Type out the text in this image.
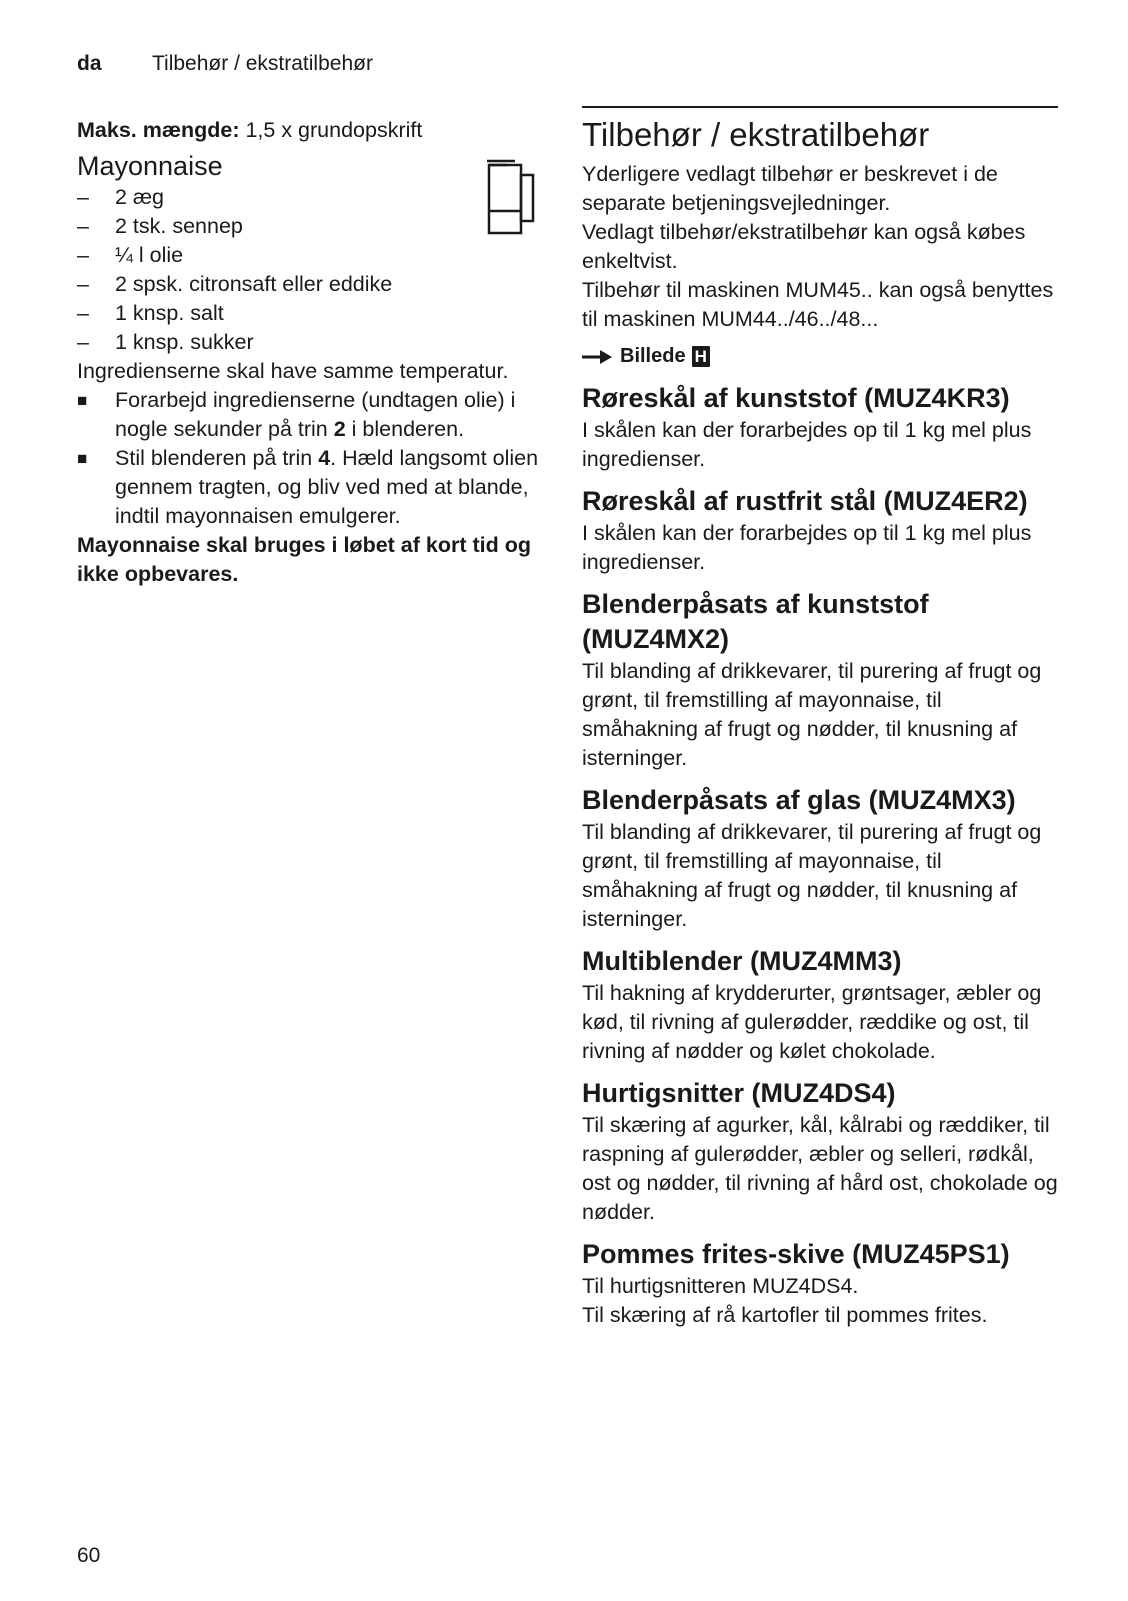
da Tilbehør / ekstratilbehør
Maks. mængde: 1,5 x grundopskrift
Mayonnaise
– 2 æg
– 2 tsk. sennep
– ¼ l olie
– 2 spsk. citronsaft eller eddike
– 1 knsp. salt
– 1 knsp. sukker

Ingredienserne skal have samme temperatur.

■ Forarbejd ingredienserne (undtagen olie) i nogle sekunder på trin 2 i blenderen.
■ Stil blenderen på trin 4. Hæld langsomt olien gennem tragten, og bliv ved med at blande, indtil mayonnaisen emulgerer.

Mayonnaise skal bruges i løbet af kort tid og ikke opbevares.

Tilbehør / ekstratilbehør

Yderligere vedlagt tilbehør er beskrevet i de separate betjeningsvejledninger.

Vedlagt tilbehør/ekstratilbehør kan også købes enkeltvist.

Tilbehør til maskinen MUM45.. kan også benyttes til maskinen MUM44../46../48...

Billede H
Røreskål af kunststof (MUZ4KR3)

I skålen kan der forarbejdes op til 1 kg mel plus ingredienser.

Røreskål af rustfrit stål (MUZ4ER2)

I skålen kan der forarbejdes op til 1 kg mel plus ingredienser.

Blenderpåsats af kunststof (MUZ4MX2)

Til blanding af drikkevarer, til purering af frugt og grønt, til fremstilling af mayonnaise, til småhakning af frugt og nødder, til knusning af isterninger.

Blenderpåsats af glas (MUZ4MX3)

Til blanding af drikkevarer, til purering af frugt og grønt, til fremstilling af mayonnaise, til småhakning af frugt og nødder, til knusning af isterninger.

Multiblender (MUZ4MM3)

Til hakning af krydderurter, grøntsager, æbler og kød, til rivning af gulerødder, ræddike og ost, til rivning af nødder og kølet chokolade.

Hurtigsnitter (MUZ4DS4)

Til skæring af agurker, kål, kålrabi og ræddiker, til raspning af gulerødder, æbler og selleri, rødkål, ost og nødder, til rivning af hård ost, chokolade og nødder.

Pommes frites-skive (MUZ45PS1)

Til hurtigsnitteren MUZ4DS4.

Til skæring af rå kartofler til pommes frites.

60
